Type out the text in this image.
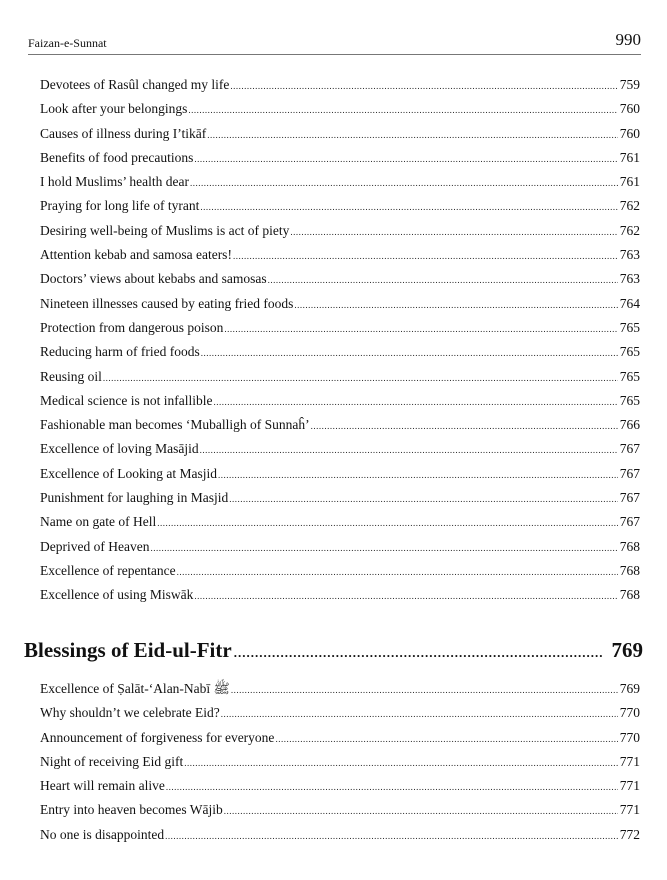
Faizan-e-Sunnat	990
Devotees of Rasûl changed my life .....	759
Look after your belongings .....	760
Causes of illness during I’tikāf .....	760
Benefits of food precautions .....	761
I hold Muslims’ health dear .....	761
Praying for long life of tyrant .....	762
Desiring well-being of Muslims is act of piety .....	762
Attention kebab and samosa eaters! .....	763
Doctors’ views about kebabs and samosas .....	763
Nineteen illnesses caused by eating fried foods .....	764
Protection from dangerous poison .....	765
Reducing harm of fried foods .....	765
Reusing oil .....	765
Medical science is not infallible .....	765
Fashionable man becomes ‘Muballigh of Sunnaĥ’ .....	766
Excellence of loving Masājid .....	767
Excellence of Looking at Masjid .....	767
Punishment for laughing in Masjid .....	767
Name on gate of Hell .....	767
Deprived of Heaven .....	768
Excellence of repentance .....	768
Excellence of using Miswāk .....	768
Blessings of Eid-ul-Fitr .....	769
Excellence of Ṣalāt-‘Alan-Nabī ﷺ .....	769
Why shouldn’t we celebrate Eid? .....	770
Announcement of forgiveness for everyone .....	770
Night of receiving Eid gift .....	771
Heart will remain alive .....	771
Entry into heaven becomes Wājib .....	771
No one is disappointed .....	772
